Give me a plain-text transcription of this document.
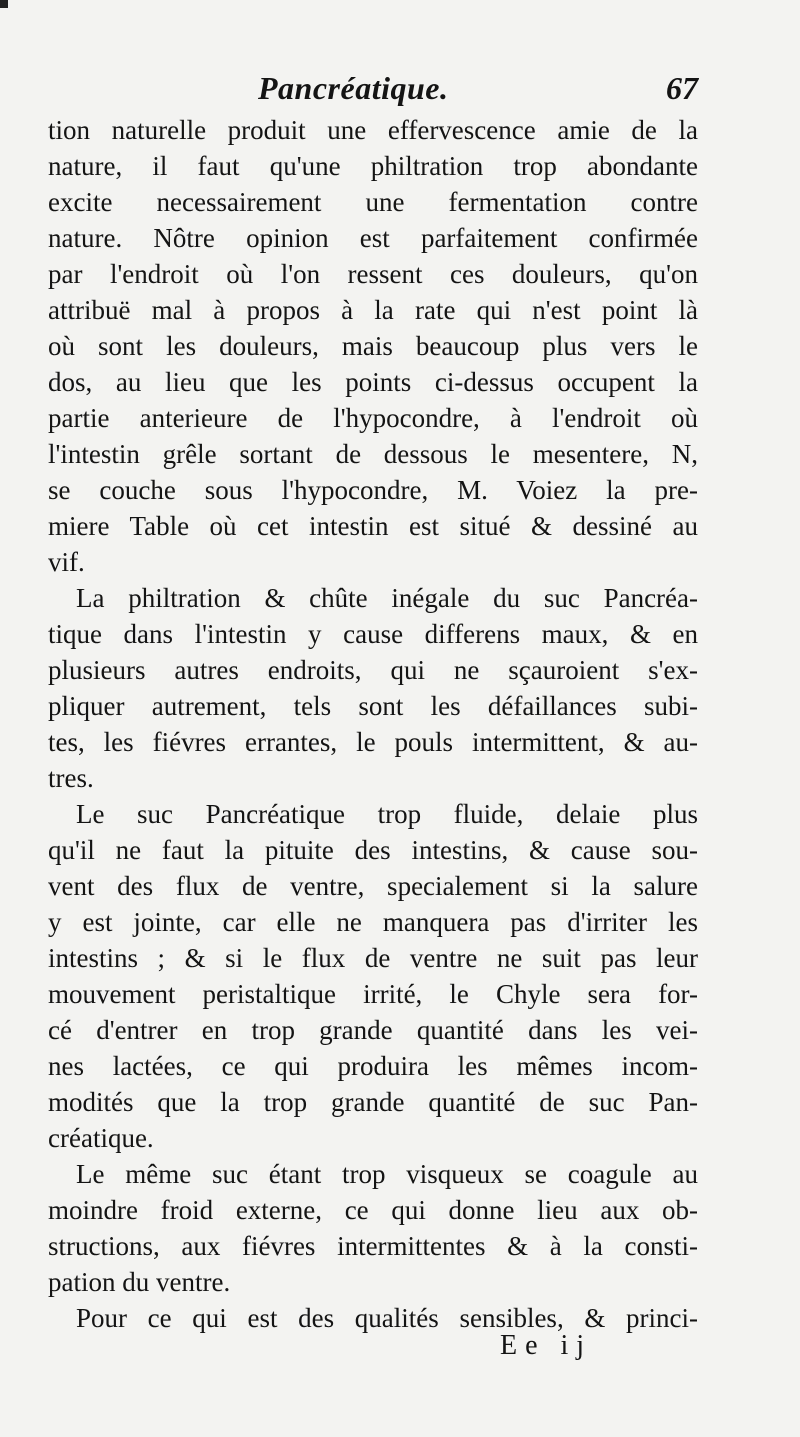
Pancréatique.	67
tion naturelle produit une effervescence amie de la
nature, il faut qu'une philtration trop abondante
excite necessairement une fermentation contre
nature. Nôtre opinion est parfaitement confirmée
par l'endroit où l'on ressent ces douleurs, qu'on
attribuë mal à propos à la rate qui n'est point là
où sont les douleurs, mais beaucoup plus vers le
dos, au lieu que les points ci-dessus occupent la
partie anterieure de l'hypocondre, à l'endroit où
l'intestin grêle sortant de dessous le mesentere, N,
se couche sous l'hypocondre, M. Voiez la pre-
miere Table où cet intestin est situé & dessiné au
vif.
La philtration & chûte inégale du suc Pancréa-
tique dans l'intestin y cause differens maux, & en
plusieurs autres endroits, qui ne sçauroient s'ex-
pliquer autrement, tels sont les défaillances subi-
tes, les fiévres errantes, le pouls intermittent, & au-
tres.
Le suc Pancréatique trop fluide, delaie plus
qu'il ne faut la pituite des intestins, & cause sou-
vent des flux de ventre, specialement si la salure
y est jointe, car elle ne manquera pas d'irriter les
intestins ; & si le flux de ventre ne suit pas leur
mouvement peristaltique irrité, le Chyle sera for-
cé d'entrer en trop grande quantité dans les vei-
nes lactées, ce qui produira les mêmes incom-
modités que la trop grande quantité de suc Pan-
créatique.
Le même suc étant trop visqueux se coagule au
moindre froid externe, ce qui donne lieu aux ob-
structions, aux fiévres intermittentes & à la consti-
pation du ventre.
Pour ce qui est des qualités sensibles, & princi-
Ee ij
